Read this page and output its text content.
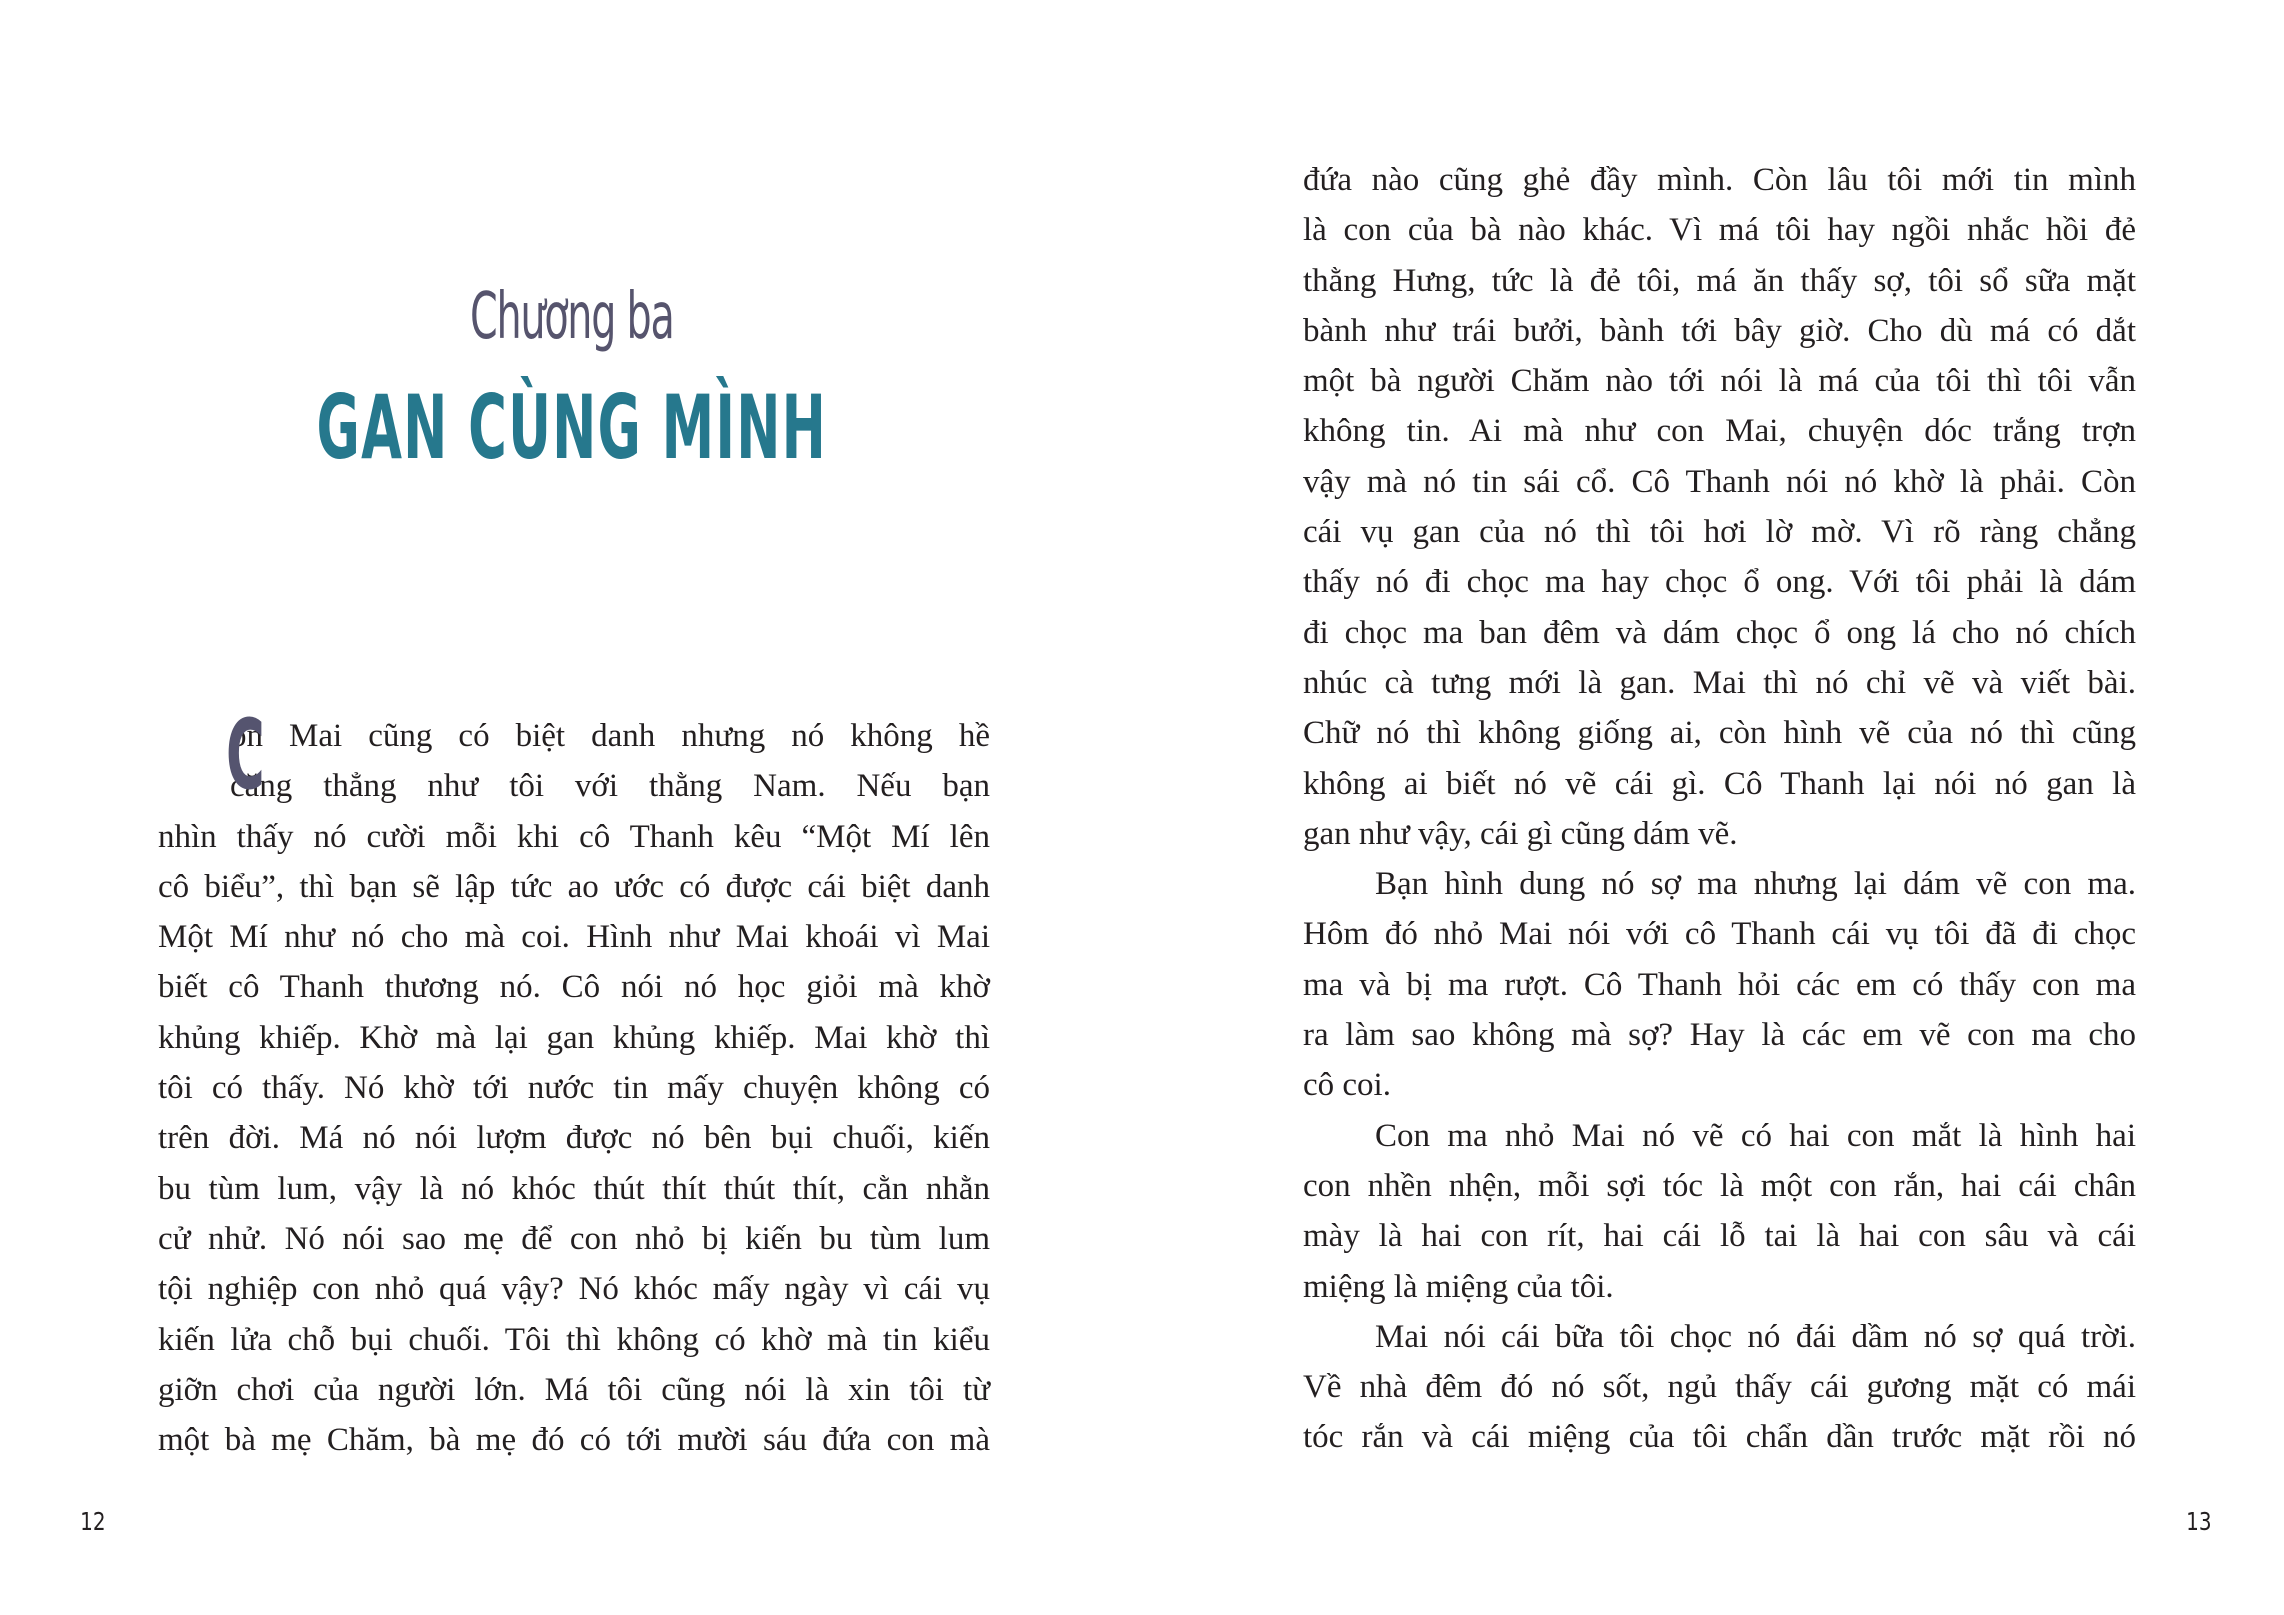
Chương ba
GAN CÙNG MÌNH
C
on Mai cũng có biệt danh nhưng nó không hề
căng thẳng như tôi với thằng Nam. Nếu bạn
nhìn thấy nó cười mỗi khi cô Thanh kêu “Một Mí lên
cô biểu”, thì bạn sẽ lập tức ao ước có được cái biệt danh
Một Mí như nó cho mà coi. Hình như Mai khoái vì Mai
biết cô Thanh thương nó. Cô nói nó học giỏi mà khờ
khủng khiếp. Khờ mà lại gan khủng khiếp. Mai khờ thì
tôi có thấy. Nó khờ tới nước tin mấy chuyện không có
trên đời. Má nó nói lượm được nó bên bụi chuối, kiến
bu tùm lum, vậy là nó khóc thút thít thút thít, cằn nhằn
cử nhử. Nó nói sao mẹ để con nhỏ bị kiến bu tùm lum
tội nghiệp con nhỏ quá vậy? Nó khóc mấy ngày vì cái vụ
kiến lửa chỗ bụi chuối. Tôi thì không có khờ mà tin kiểu
giỡn chơi của người lớn. Má tôi cũng nói là xin tôi từ
một bà mẹ Chăm, bà mẹ đó có tới mười sáu đứa con mà
12
đứa nào cũng ghẻ đầy mình. Còn lâu tôi mới tin mình
là con của bà nào khác. Vì má tôi hay ngồi nhắc hồi đẻ
thằng Hưng, tức là đẻ tôi, má ăn thấy sợ, tôi sổ sữa mặt
bành như trái bưởi, bành tới bây giờ. Cho dù má có dắt
một bà người Chăm nào tới nói là má của tôi thì tôi vẫn
không tin. Ai mà như con Mai, chuyện dóc trắng trợn
vậy mà nó tin sái cổ. Cô Thanh nói nó khờ là phải. Còn
cái vụ gan của nó thì tôi hơi lờ mờ. Vì rõ ràng chẳng
thấy nó đi chọc ma hay chọc ổ ong. Với tôi phải là dám
đi chọc ma ban đêm và dám chọc ổ ong lá cho nó chích
nhúc cà tưng mới là gan. Mai thì nó chỉ vẽ và viết bài.
Chữ nó thì không giống ai, còn hình vẽ của nó thì cũng
không ai biết nó vẽ cái gì. Cô Thanh lại nói nó gan là
gan như vậy, cái gì cũng dám vẽ.
Bạn hình dung nó sợ ma nhưng lại dám vẽ con ma.
Hôm đó nhỏ Mai nói với cô Thanh cái vụ tôi đã đi chọc
ma và bị ma rượt. Cô Thanh hỏi các em có thấy con ma
ra làm sao không mà sợ? Hay là các em vẽ con ma cho
cô coi.
Con ma nhỏ Mai nó vẽ có hai con mắt là hình hai
con nhền nhện, mỗi sợi tóc là một con rắn, hai cái chân
mày là hai con rít, hai cái lỗ tai là hai con sâu và cái
miệng là miệng của tôi.
Mai nói cái bữa tôi chọc nó đái dầm nó sợ quá trời.
Về nhà đêm đó nó sốt, ngủ thấy cái gương mặt có mái
tóc rắn và cái miệng của tôi chẩn dần trước mặt rồi nó
13
